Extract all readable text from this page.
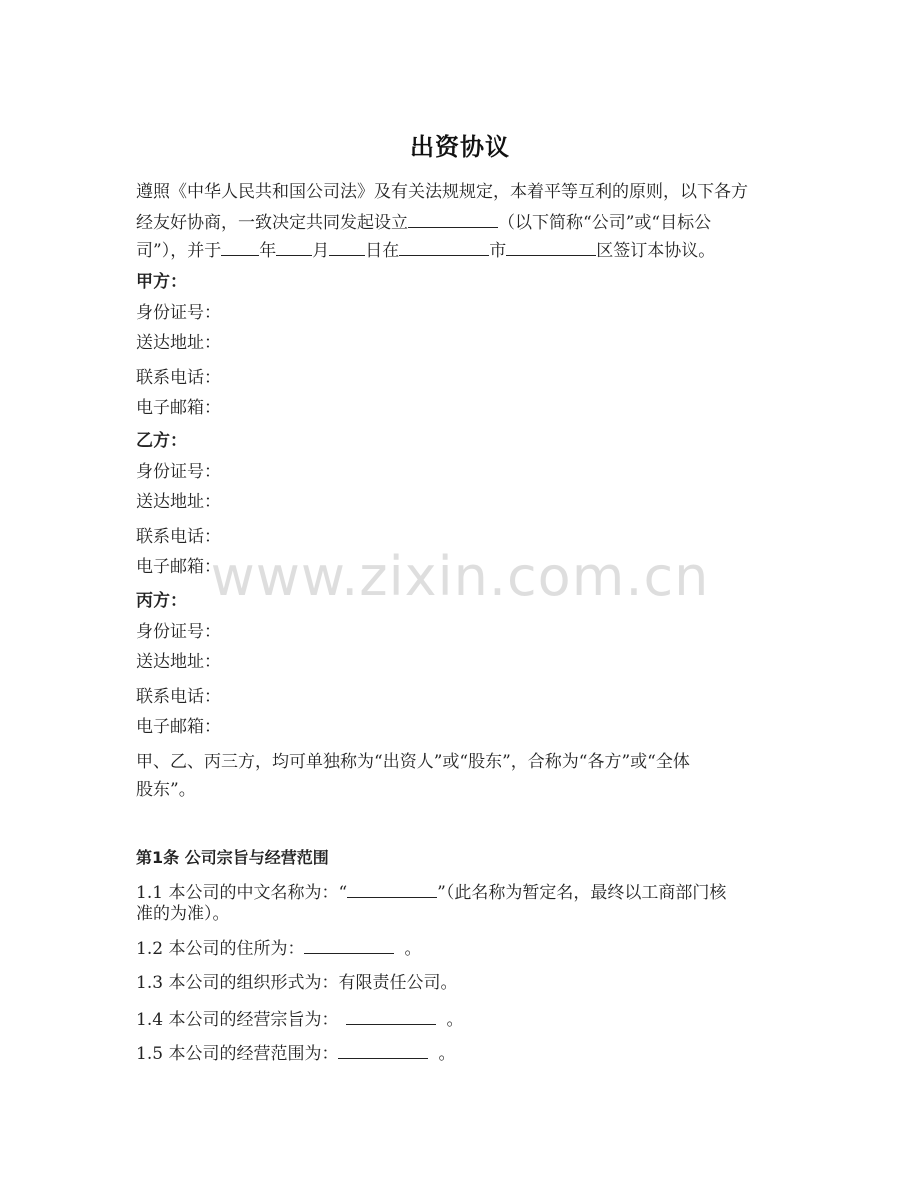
出资协议
遵照《中华人民共和国公司法》及有关法规规定，本着平等互利的原则，以下各方
经友好协商，一致决定共同发起设立	（以下简称“公司”或“目标公
司”），并于 年 月 日在	市	区签订本协议。
甲方：
身份证号：
送达地址：
联系电话：
电子邮箱：
乙方：
身份证号：
送达地址：
联系电话：
电子邮箱：
丙方：
身份证号：
送达地址：
联系电话：
电子邮箱：
甲、乙、丙三方，均可单独称为“出资人”或“股东”，合称为“各方”或“全体
股东”。
第1条 公司宗旨与经营范围
1.1 本公司的中文名称为：“	”（此名称为暂定名，最终以工商部门核
准的为准）。
1.2 本公司的住所为：	。
1.3 本公司的组织形式为：有限责任公司。
1.4 本公司的经营宗旨为：	。
1.5 本公司的经营范围为：	。
www.zixin.com.cn
